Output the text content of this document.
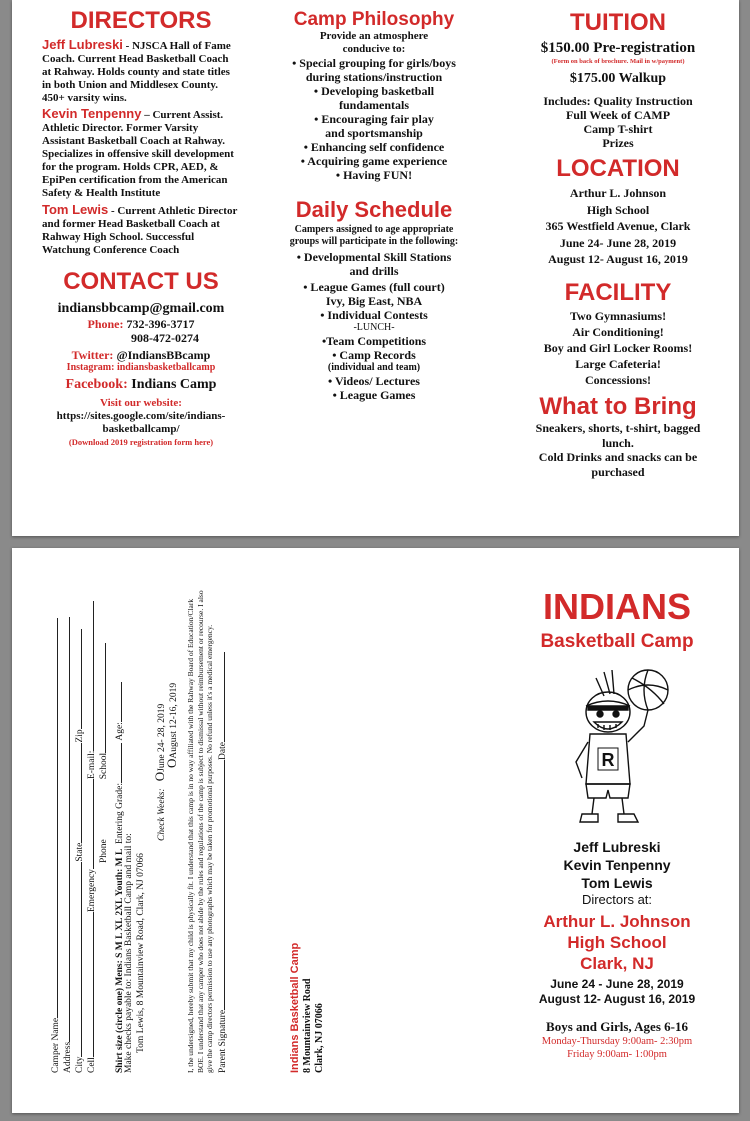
DIRECTORS

Jeff Lubreski - NJSCA Hall of Fame Coach. Current Head Basketball Coach at Rahway. Holds county and state titles in both Union and Middlesex County. 450+ varsity wins.

Kevin Tenpenny – Current Assist. Athletic Director. Former Varsity Assistant Basketball Coach at Rahway. Specializes in offensive skill development for the program. Holds CPR, AED, & EpiPen certification from the American Safety & Health Institute

Tom Lewis - Current Athletic Director and former Head Basketball Coach at Rahway High School. Successful Watchung Conference Coach

CONTACT US

indiansbbcamp@gmail.com

Phone: 732-396-3717

908-472-0274

Twitter: @IndiansBBcamp

Instagram: indiansbasketballcamp

Facebook: Indians Camp

Visit our website:

https://sites.google.com/site/indians-basketballcamp/

(Download 2019 registration form here)

Camp Philosophy

Provide an atmosphere conducive to:

• Special grouping for girls/boys during stations/instruction

• Developing basketball fundamentals

• Encouraging fair play and sportsmanship

• Enhancing self confidence

• Acquiring game experience

• Having FUN!

Daily Schedule

Campers assigned to age appropriate groups will participate in the following:

• Developmental Skill Stations and drills

• League Games (full court)

Ivy, Big East, NBA

• Individual Contests

-LUNCH-

•Team Competitions

• Camp Records

(individual and team)

• Videos/ Lectures

• League Games

TUITION

$150.00 Pre-registration

(Form on back of brochure. Mail in w/payment)

$175.00 Walkup

Includes: Quality Instruction

Full Week of CAMP

Camp T-shirt

Prizes

LOCATION

Arthur L. Johnson

High School

365 Westfield Avenue, Clark

June 24- June 28, 2019

August 12- August 16, 2019

FACILITY

Two Gymnasiums!

Air Conditioning!

Boy and Girl Locker Rooms!

Large Cafeteria!

Concessions!

What to Bring

Sneakers, shorts, t-shirt, bagged lunch.

Cold Drinks and snacks can be purchased

Camper Name Address CityStateZip
CellEmergencyE-mail:
PhoneSchool
Shirt size (circle one) Mens: S M L XL 2XL Youth: M L  Entering Grade: Age:
Make checks payable to: Indians Basketball Camp and mail to: Tom Lewis, 8 Mountainview Road, Clark, NJ 07066
Check Weeks:   OJune 24- 28, 2019
OAugust 12-16, 2019 I, the undersigned, hereby submit that my child is physically fit. I understand that this camp is in no way affiliated with the Rahway Board of Education/Clark BOE. I understand that any camper who does not abide by the rules and regulations of the camp is subject to dismissal without reimbursement or recourse. I also give the camp directors permission to use any photographs which may be taken for promotional purposes. No refund unless it's a medical emergency. Parent SignatureDate

Indians Basketball Camp 8 Mountainview Road Clark, NJ 07066

INDIANS

Basketball Camp

R

Jeff Lubreski

Kevin Tenpenny

Tom Lewis

Directors at:

Arthur L. Johnson

High School

Clark, NJ

June 24 - June 28, 2019

August 12- August 16, 2019

Boys and Girls, Ages 6-16

Monday-Thursday 9:00am- 2:30pm

Friday 9:00am- 1:00pm
